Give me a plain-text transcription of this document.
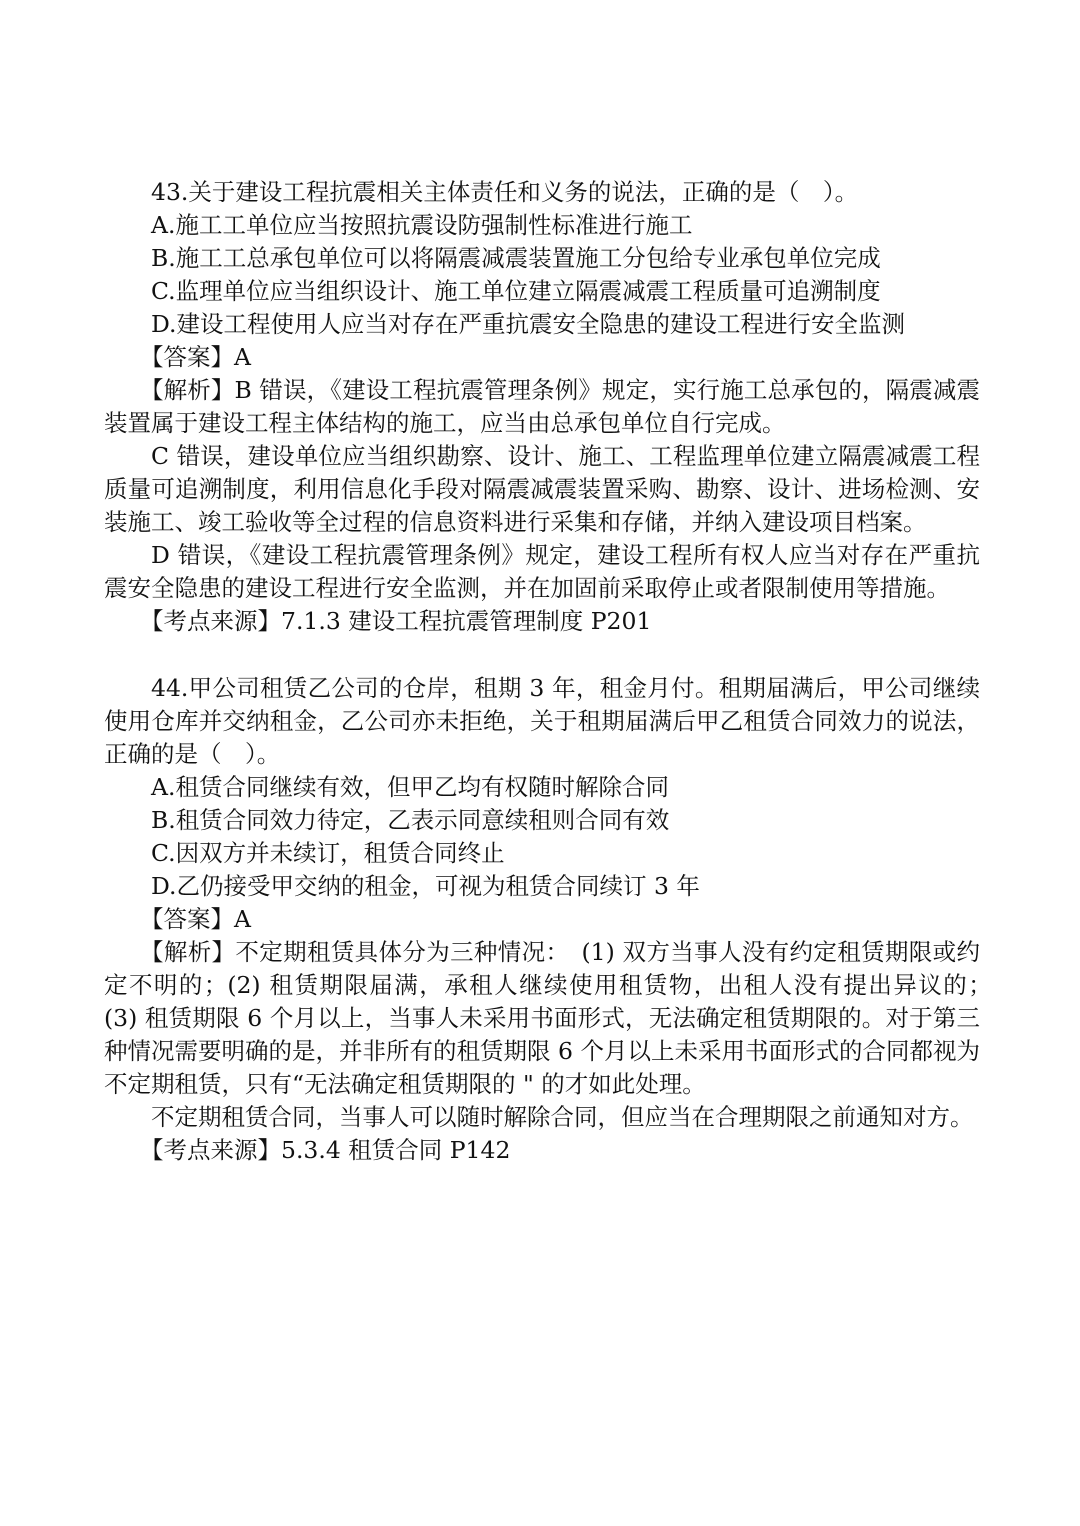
43.关于建设工程抗震相关主体责任和义务的说法，正确的是（　）。

A.施工工单位应当按照抗震设防强制性标准进行施工

B.施工工总承包单位可以将隔震减震装置施工分包给专业承包单位完成

C.监理单位应当组织设计、施工单位建立隔震减震工程质量可追溯制度

D.建设工程使用人应当对存在严重抗震安全隐患的建设工程进行安全监测

【答案】A

【解析】B 错误，《建设工程抗震管理条例》规定，实行施工总承包的，隔震减震装置属于建设工程主体结构的施工，应当由总承包单位自行完成。

C 错误，建设单位应当组织勘察、设计、施工、工程监理单位建立隔震减震工程质量可追溯制度，利用信息化手段对隔震减震装置采购、勘察、设计、进场检测、安装施工、竣工验收等全过程的信息资料进行采集和存储，并纳入建设项目档案。

D 错误，《建设工程抗震管理条例》规定，建设工程所有权人应当对存在严重抗震安全隐患的建设工程进行安全监测，并在加固前采取停止或者限制使用等措施。

【考点来源】7.1.3 建设工程抗震管理制度 P201

44.甲公司租赁乙公司的仓岸，租期 3 年，租金月付。租期届满后，甲公司继续使用仓库并交纳租金，乙公司亦未拒绝，关于租期届满后甲乙租赁合同效力的说法，正确的是（　）。

A.租赁合同继续有效，但甲乙均有权随时解除合同

B.租赁合同效力待定，乙表示同意续租则合同有效

C.因双方并未续订，租赁合同终止

D.乙仍接受甲交纳的租金，可视为租赁合同续订 3 年

【答案】A

【解析】不定期租赁具体分为三种情况：　(1) 双方当事人没有约定租赁期限或约定不明的；(2) 租赁期限届满，承租人继续使用租赁物，出租人没有提出异议的；　(3) 租赁期限 6 个月以上，当事人未采用书面形式，无法确定租赁期限的。对于第三种情况需要明确的是，并非所有的租赁期限 6 个月以上未采用书面形式的合同都视为不定期租赁，只有“无法确定租赁期限的 " 的才如此处理。

不定期租赁合同，当事人可以随时解除合同，但应当在合理期限之前通知对方。

【考点来源】5.3.4 租赁合同 P142
